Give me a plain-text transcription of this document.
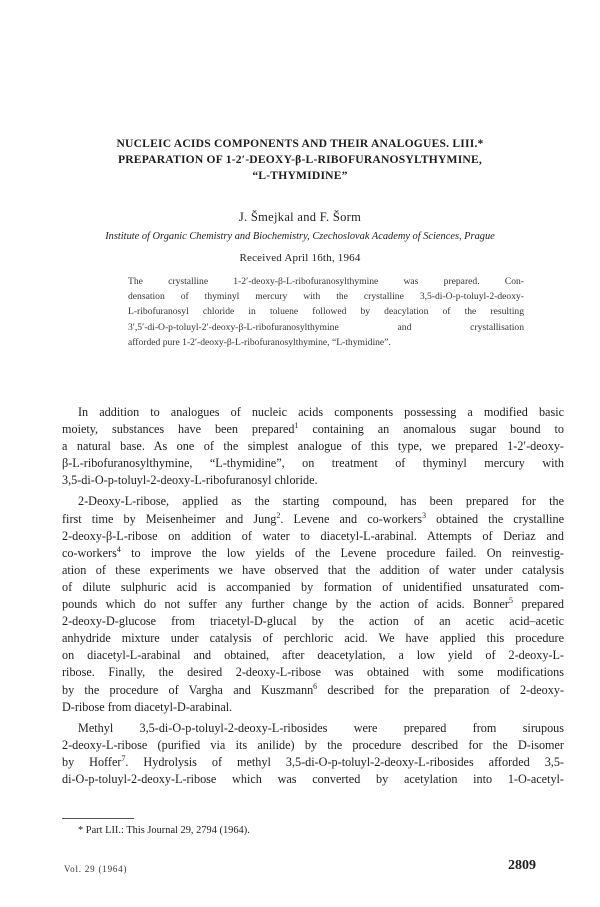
NUCLEIC ACIDS COMPONENTS AND THEIR ANALOGUES. LIII.*
PREPARATION OF 1-2′-DEOXY-β-L-RIBOFURANOSYLTHYMINE,
“L-THYMIDINE”
J. Šmejkal and F. Šorm
Institute of Organic Chemistry and Biochemistry, Czechoslovak Academy of Sciences, Prague
Received April 16th, 1964
The crystalline 1-2′-deoxy-β-L-ribofuranosylthymine was prepared. Con-
densation of thyminyl mercury with the crystalline 3,5-di-O-p-toluyl-2-deoxy-
L-ribofuranosyl chloride in toluene followed by deacylation of the resulting
3′,5′-di-O-p-toluyl-2′-deoxy-β-L-ribofuranosylthymine and crystallisation
afforded pure 1-2′-deoxy-β-L-ribofuranosylthymine, “L-thymidine”.
In addition to analogues of nucleic acids components possessing a modified basic
moiety, substances have been prepared$^1$ containing an anomalous sugar bound to
a natural base. As one of the simplest analogue of this type, we prepared 1-2′-deoxy-
β-L-ribofuranosylthymine, “L-thymidine”, on treatment of thyminyl mercury with
3,5-di-O-p-toluyl-2-deoxy-L-ribofuranosyl chloride.
2-Deoxy-L-ribose, applied as the starting compound, has been prepared for the
first time by Meisenheimer and Jung$^2$. Levene and co-workers$^3$ obtained the crystalline
2-deoxy-β-L-ribose on addition of water to diacetyl-L-arabinal. Attempts of Deriaz and
co-workers$^4$ to improve the low yields of the Levene procedure failed. On reinvestig-
ation of these experiments we have observed that the addition of water under catalysis
of dilute sulphuric acid is accompanied by formation of unidentified unsaturated com-
pounds which do not suffer any further change by the action of acids. Bonner$^5$ prepared
2-deoxy-D-glucose from triacetyl-D-glucal by the action of an acetic acid–acetic
anhydride mixture under catalysis of perchloric acid. We have applied this procedure
on diacetyl-L-arabinal and obtained, after deacetylation, a low yield of 2-deoxy-L-
ribose. Finally, the desired 2-deoxy-L-ribose was obtained with some modifications
by the procedure of Vargha and Kuszmann$^6$ described for the preparation of 2-deoxy-
D-ribose from diacetyl-D-arabinal.
Methyl 3,5-di-O-p-toluyl-2-deoxy-L-ribosides were prepared from sirupous
2-deoxy-L-ribose (purified via its anilide) by the procedure described for the D-isomer
by Hoffer$^7$. Hydrolysis of methyl 3,5-di-O-p-toluyl-2-deoxy-L-ribosides afforded 3,5-
di-O-p-toluyl-2-deoxy-L-ribose which was converted by acetylation into 1-O-acetyl-
* Part LII.: This Journal 29, 2794 (1964).
Vol. 29 (1964)	2809
